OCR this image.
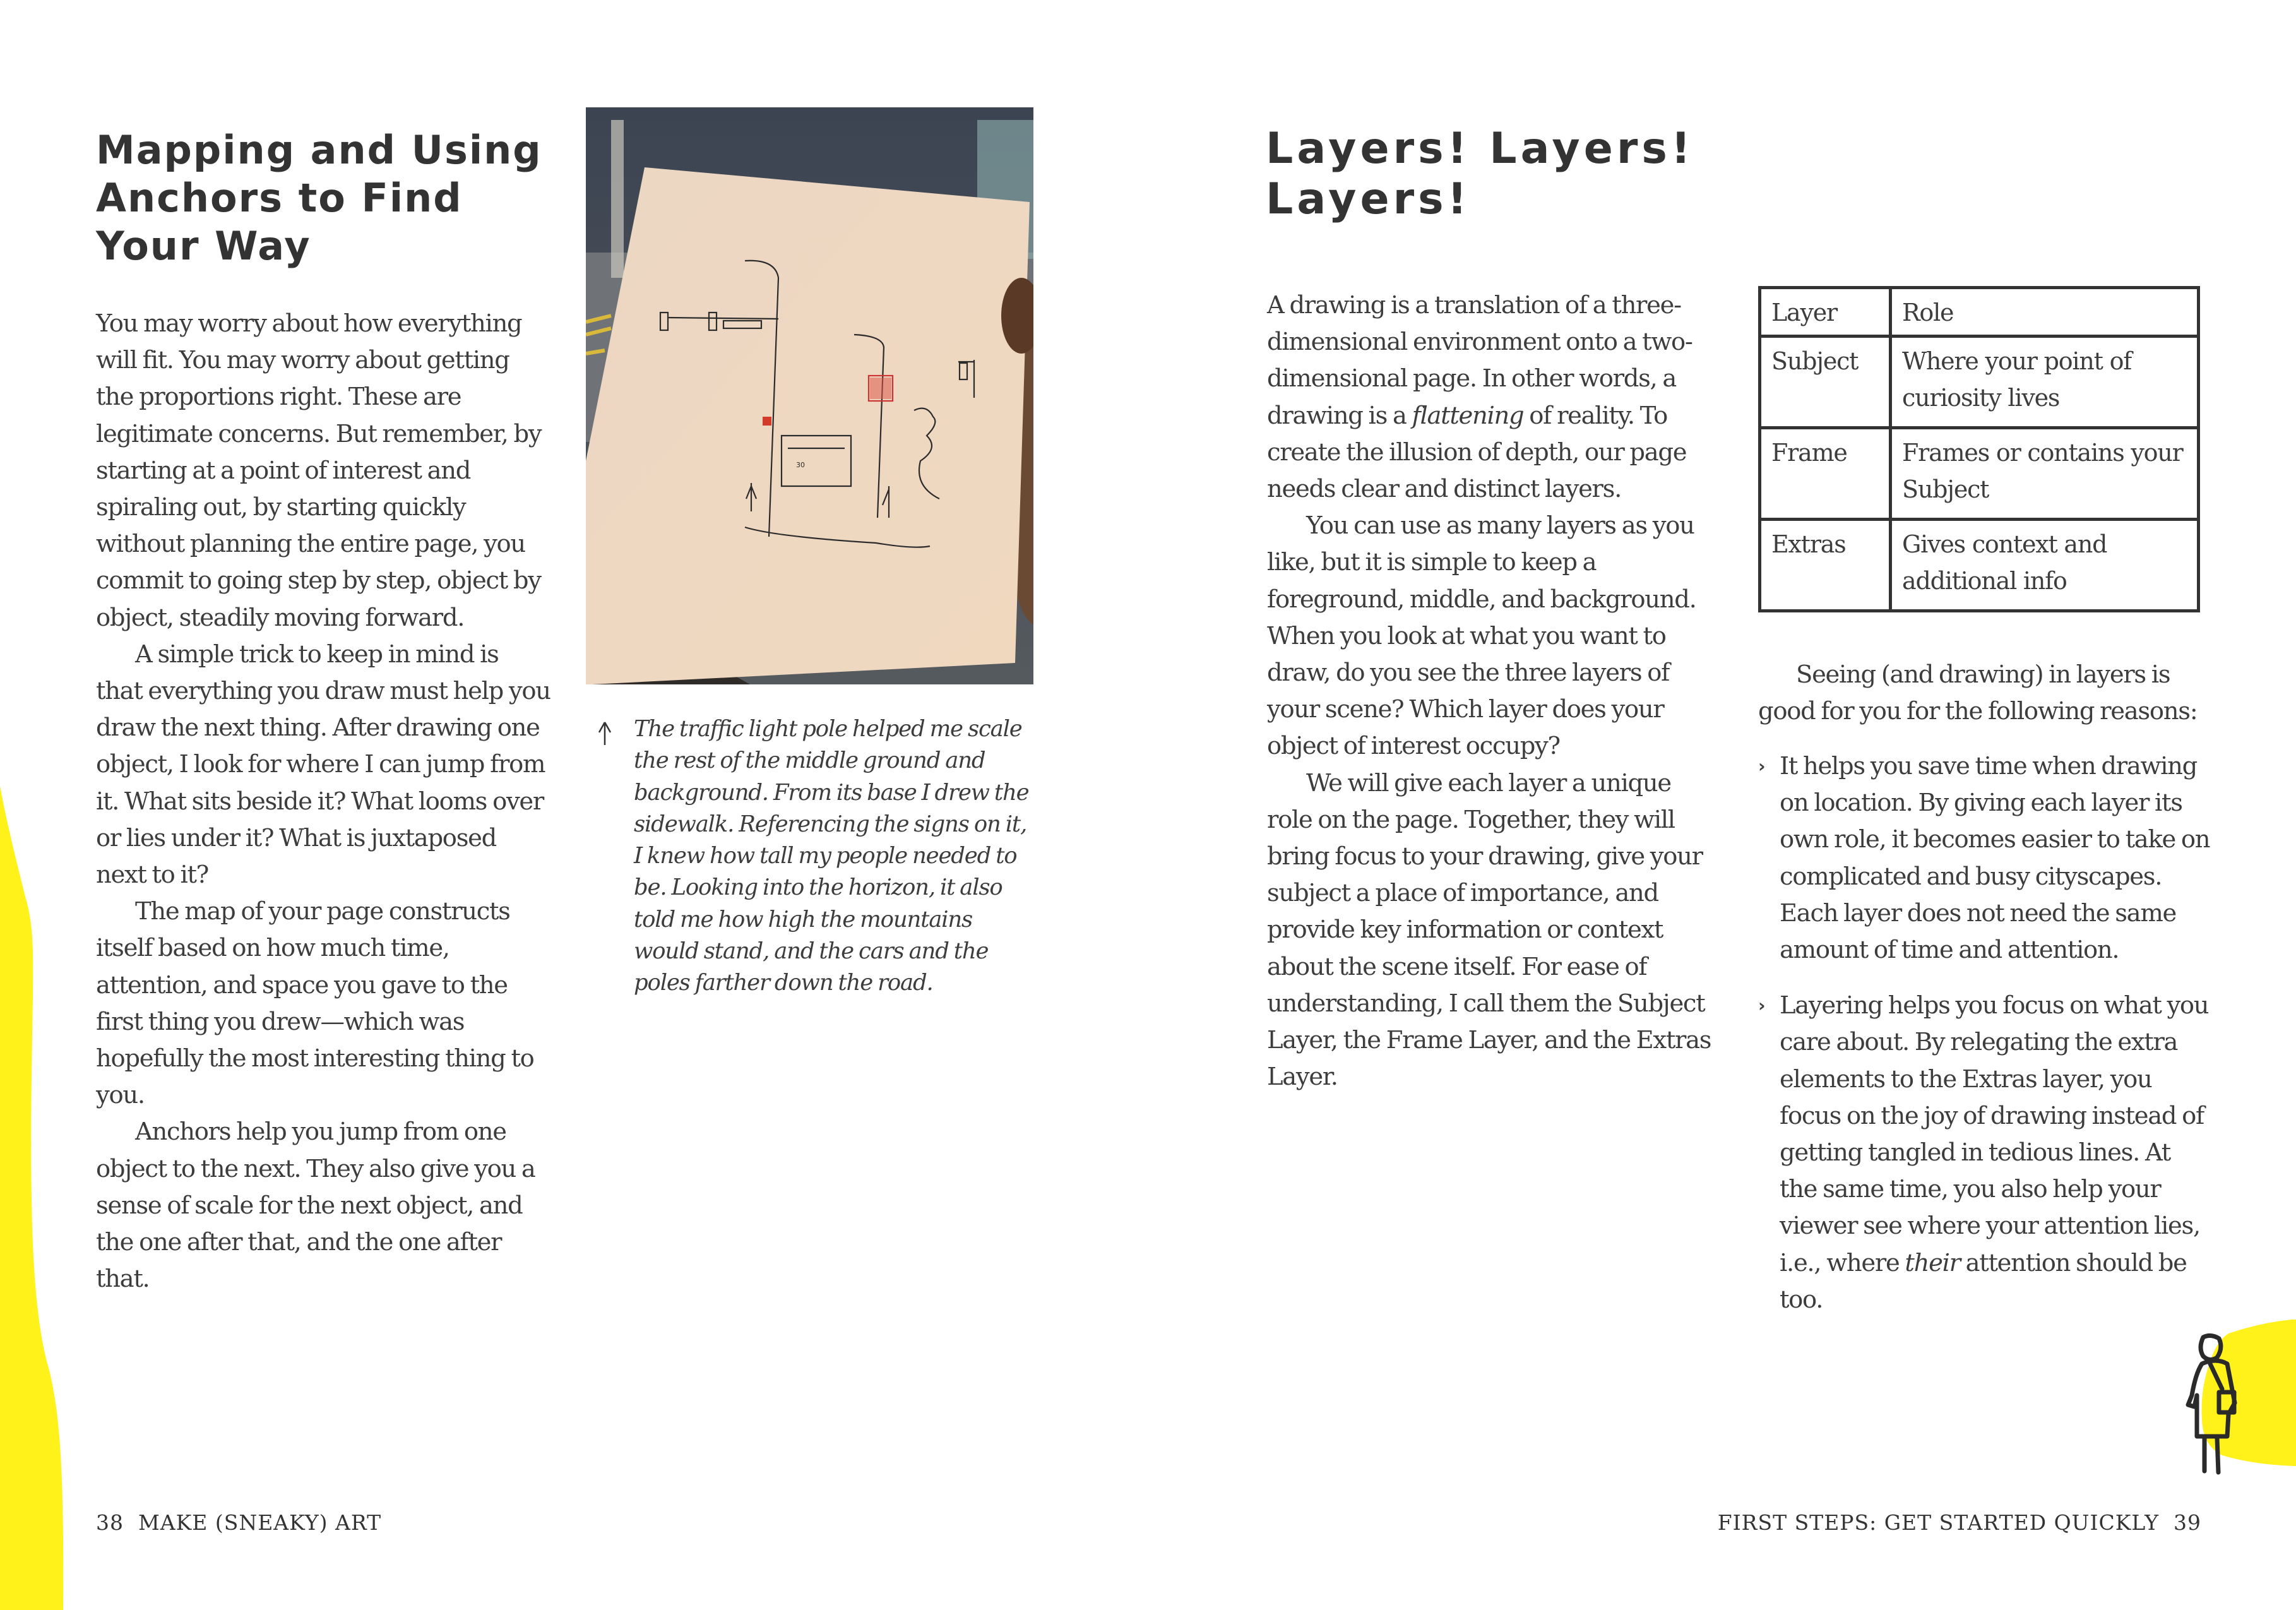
Mapping and Using
Anchors to Find
Your Way

You may worry about how everything will fit. You may worry about getting the proportions right. These are legitimate concerns. But remember, by starting at a point of interest and spiraling out, by starting quickly without planning the entire page, you commit to going step by step, object by object, steadily moving forward.

A simple trick to keep in mind is that everything you draw must help you draw the next thing. After drawing one object, I look for where I can jump from it. What sits beside it? What looms over or lies under it? What is juxtaposed next to it?

The map of your page constructs itself based on how much time, attention, and space you gave to the first thing you drew—which was hopefully the most interesting thing to you.

Anchors help you jump from one object to the next. They also give you a sense of scale for the next object, and the one after that, and the one after that.

30
The traffic light pole helped me scale the rest of the middle ground and background. From its base I drew the sidewalk. Referencing the signs on it, I knew how tall my people needed to be. Looking into the horizon, it also told me how high the mountains would stand, and the cars and the poles farther down the road.
38 MAKE (SNEAKY) ART
Layers! Layers! Layers!

A drawing is a translation of a three-dimensional environment onto a two-dimensional page. In other words, a drawing is a flattening of reality. To create the illusion of depth, our page needs clear and distinct layers.

You can use as many layers as you like, but it is simple to keep a foreground, middle, and background. When you look at what you want to draw, do you see the three layers of your scene? Which layer does your object of interest occupy?

We will give each layer a unique role on the page. Together, they will bring focus to your drawing, give your subject a place of importance, and provide key information or context about the scene itself. For ease of understanding, I call them the Subject Layer, the Frame Layer, and the Extras Layer.

Layer	Role
Subject	Where your point of curiosity lives
Frame	Frames or contains your Subject
Extras	Gives context and additional info

Seeing (and drawing) in layers is good for you for the following reasons:

› It helps you save time when drawing on location. By giving each layer its own role, it becomes easier to take on complicated and busy cityscapes. Each layer does not need the same amount of time and attention.
› Layering helps you focus on what you care about. By relegating the extra elements to the Extras layer, you focus on the joy of drawing instead of getting tangled in tedious lines. At the same time, you also help your viewer see where your attention lies, i.e., where their attention should be too.
FIRST STEPS: GET STARTED QUICKLY 39
